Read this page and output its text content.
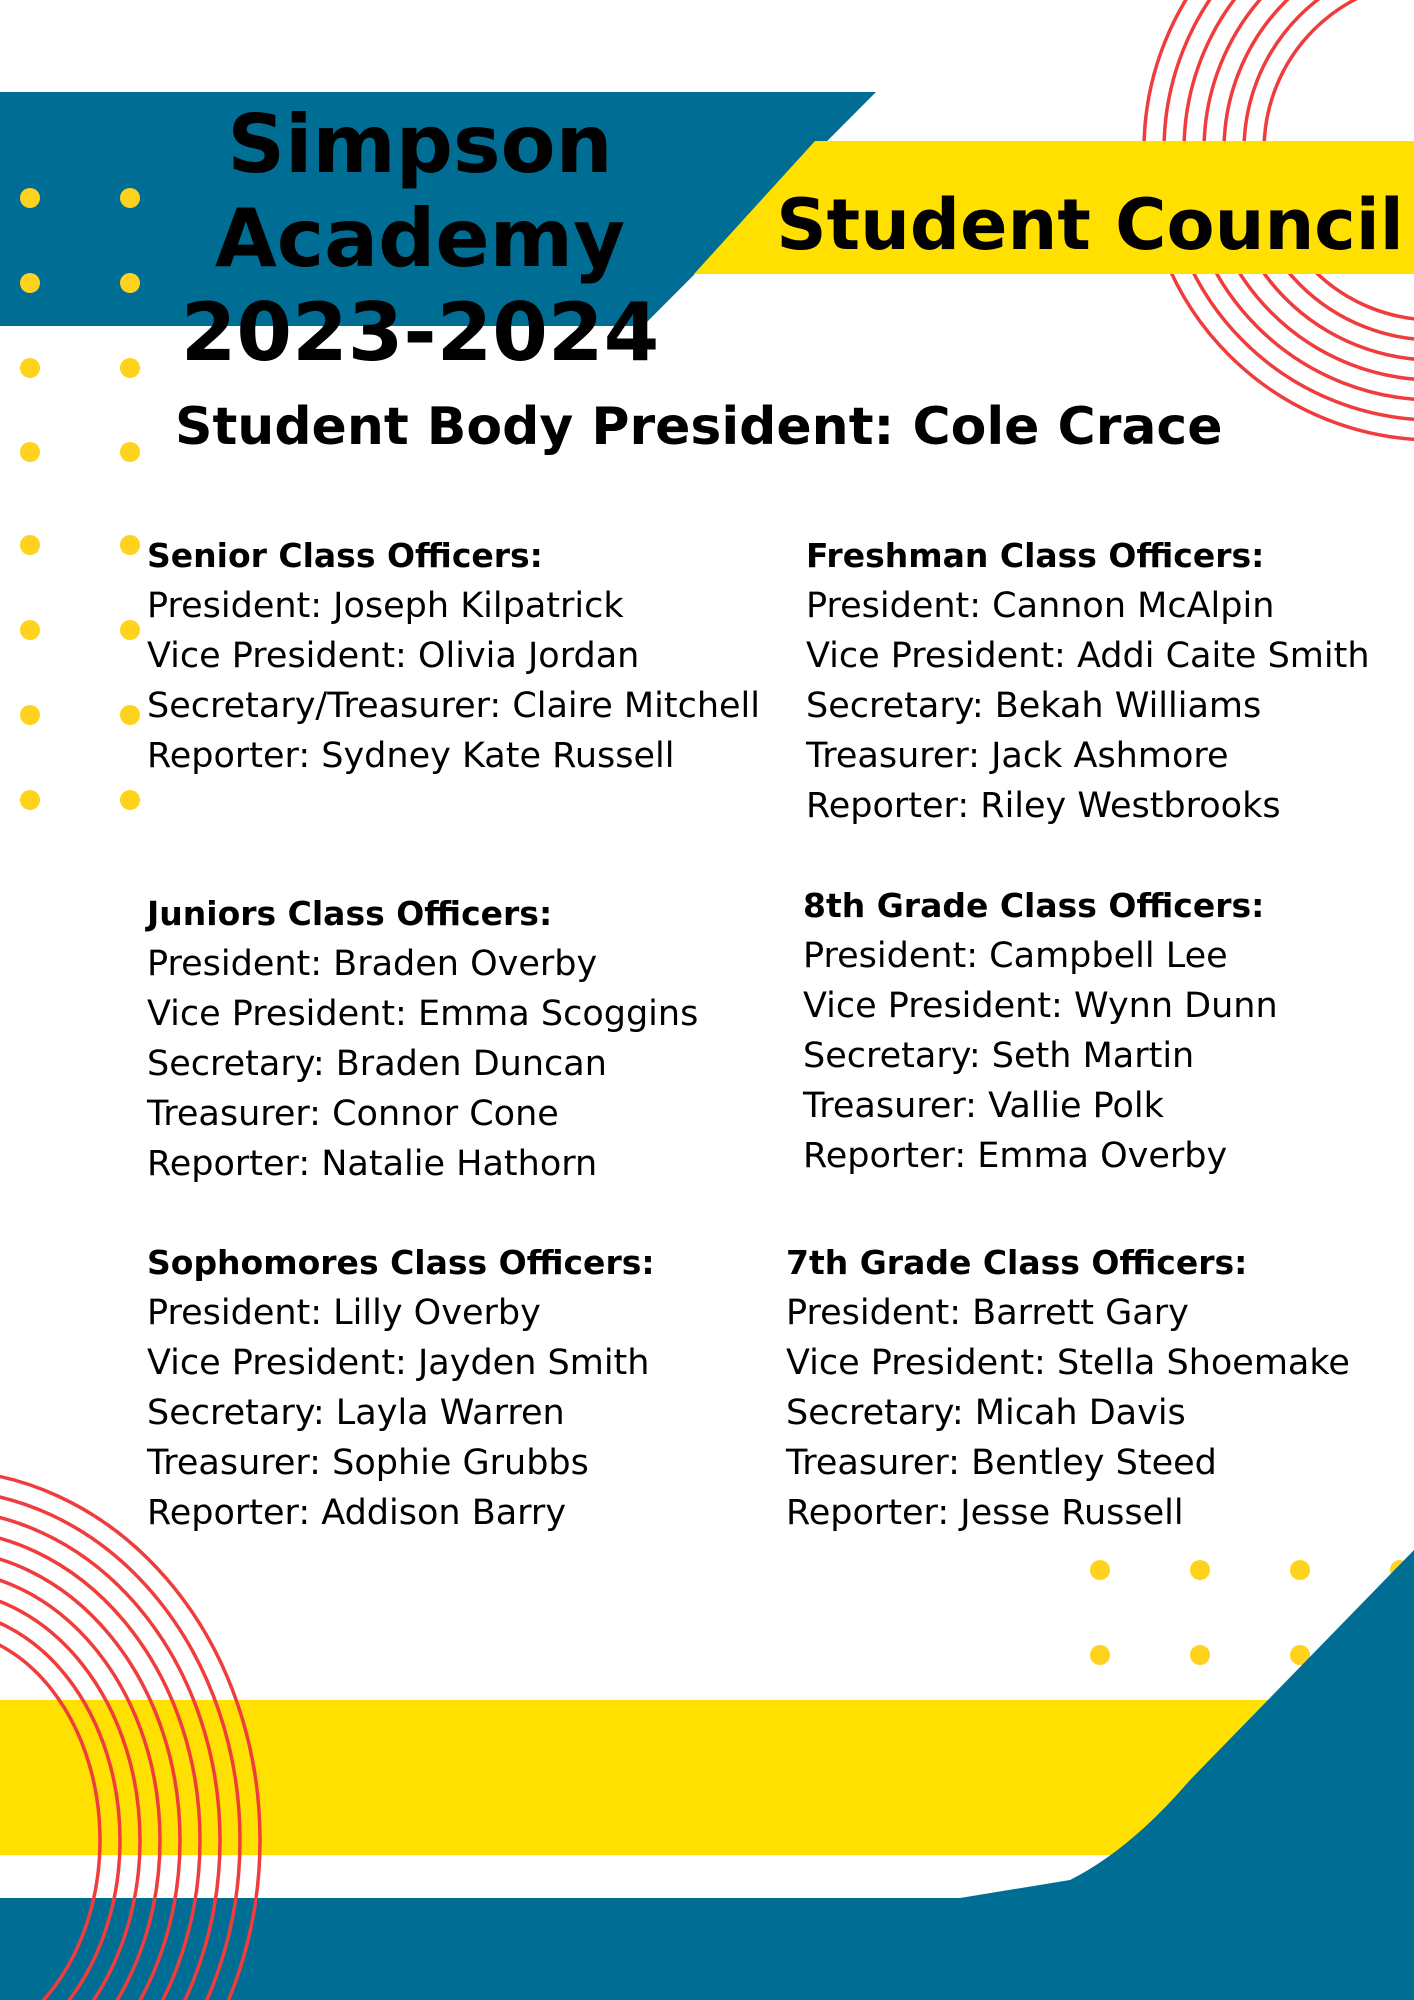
Simpson Academy
2023-2024
Student Council
Student Body President: Cole Crace
Senior Class Officers:
President: Joseph Kilpatrick
Vice President: Olivia Jordan
Secretary/Treasurer: Claire Mitchell
Reporter: Sydney Kate Russell
Freshman Class Officers:
President: Cannon McAlpin
Vice President: Addi Caite Smith
Secretary: Bekah Williams
Treasurer: Jack Ashmore
Reporter: Riley Westbrooks
Juniors Class Officers:
President: Braden Overby
Vice President: Emma Scoggins
Secretary: Braden Duncan
Treasurer: Connor Cone
Reporter: Natalie Hathorn
8th Grade Class Officers:
President: Campbell Lee
Vice President: Wynn Dunn
Secretary: Seth Martin
Treasurer: Vallie Polk
Reporter: Emma Overby
Sophomores Class Officers:
President: Lilly Overby
Vice President: Jayden Smith
Secretary: Layla Warren
Treasurer: Sophie Grubbs
Reporter: Addison Barry
7th Grade Class Officers:
President: Barrett Gary
Vice President: Stella Shoemake
Secretary: Micah Davis
Treasurer: Bentley Steed
Reporter: Jesse Russell
